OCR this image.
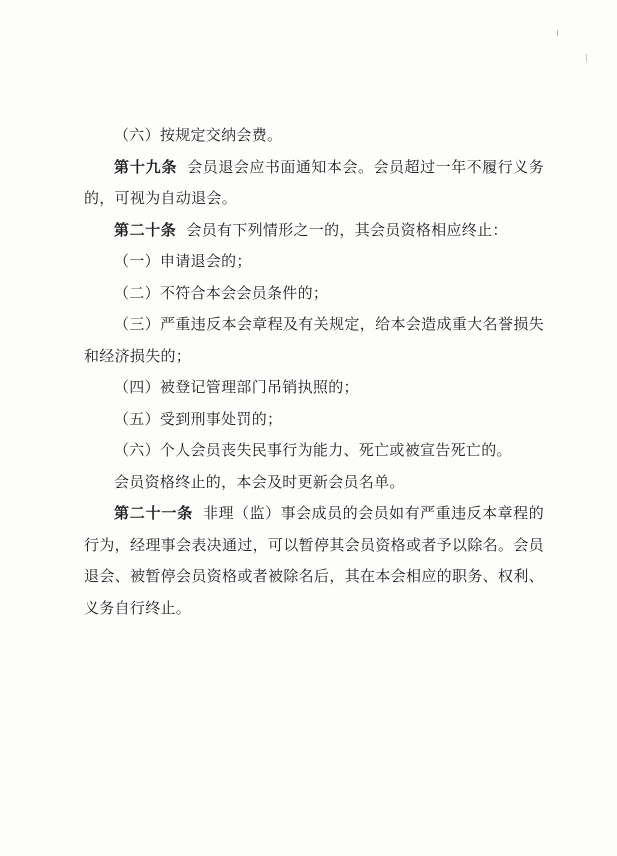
（六）按规定交纳会费。

第十九条 会员退会应书面通知本会。会员超过一年不履行义务的，可视为自动退会。

第二十条 会员有下列情形之一的，其会员资格相应终止：

（一）申请退会的；

（二）不符合本会会员条件的；

（三）严重违反本会章程及有关规定，给本会造成重大名誉损失和经济损失的；

（四）被登记管理部门吊销执照的；

（五）受到刑事处罚的；

（六）个人会员丧失民事行为能力、死亡或被宣告死亡的。

会员资格终止的，本会及时更新会员名单。

第二十一条 非理（监）事会成员的会员如有严重违反本章程的行为，经理事会表决通过，可以暂停其会员资格或者予以除名。会员退会、被暂停会员资格或者被除名后，其在本会相应的职务、权利、义务自行终止。
